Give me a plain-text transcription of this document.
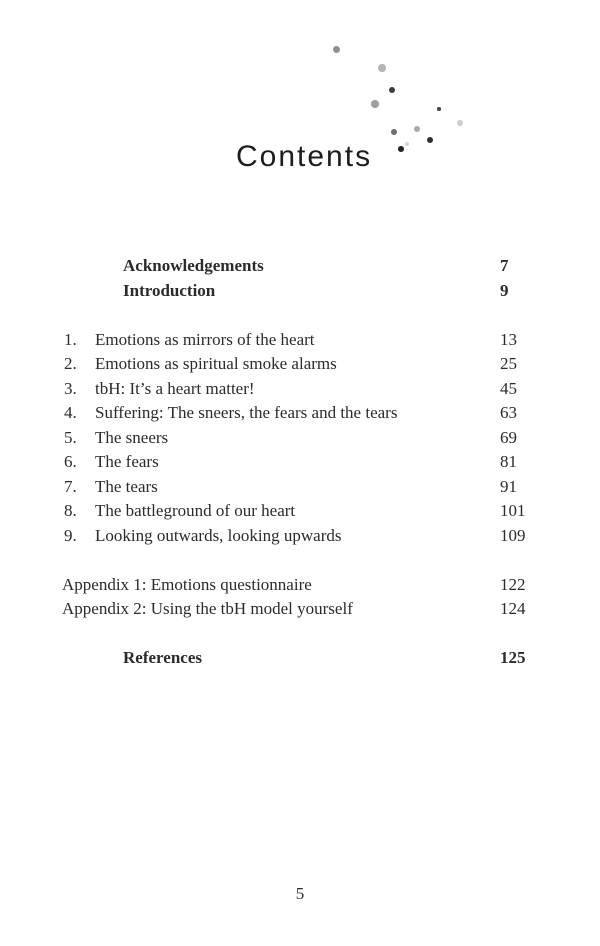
Contents
Acknowledgements	7
Introduction	9
1. Emotions as mirrors of the heart	13
2. Emotions as spiritual smoke alarms	25
3. tbH: It’s a heart matter!	45
4. Suffering: The sneers, the fears and the tears	63
5. The sneers	69
6. The fears	81
7. The tears	91
8. The battleground of our heart	101
9. Looking outwards, looking upwards	109
Appendix 1: Emotions questionnaire	122
Appendix 2: Using the tbH model yourself	124
References	125
5
